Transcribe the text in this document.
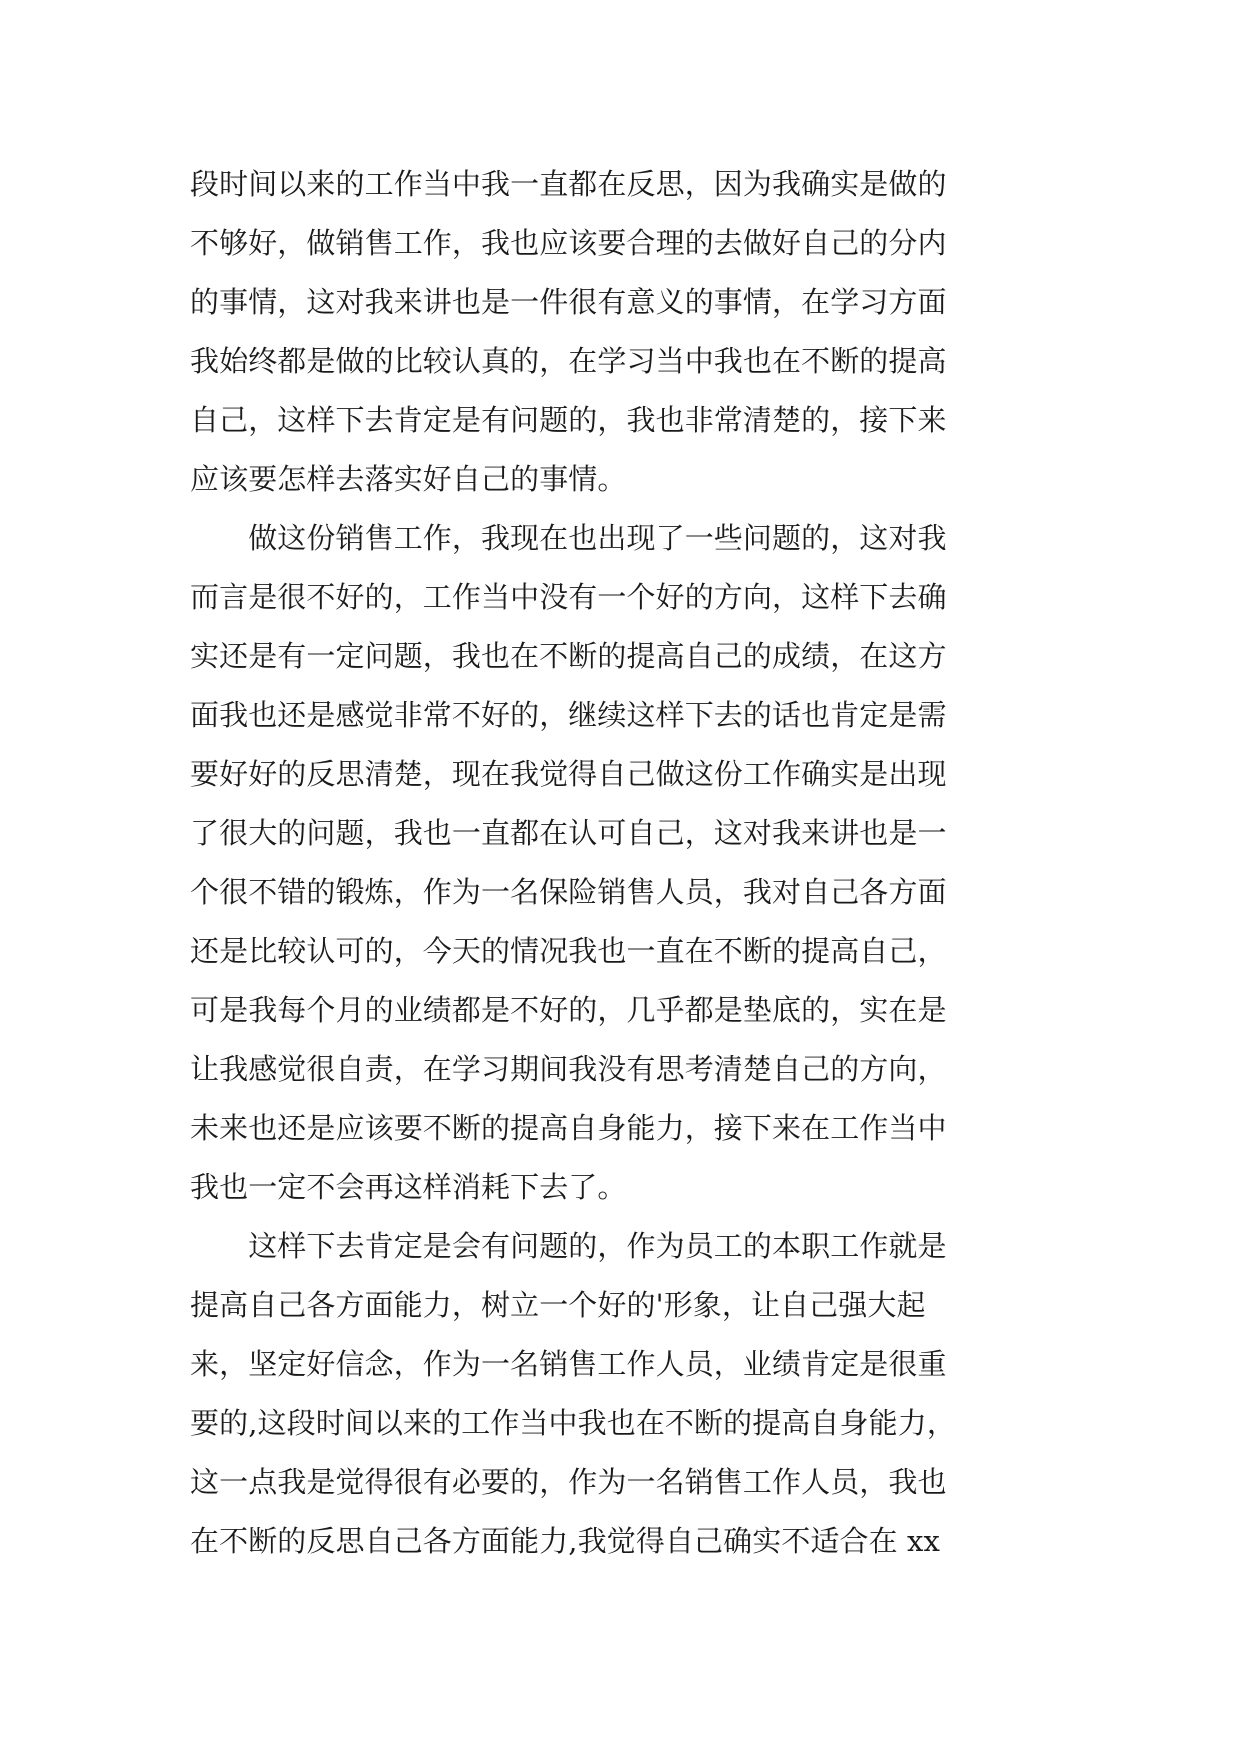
段时间以来的工作当中我一直都在反思，因为我确实是做的
不够好，做销售工作，我也应该要合理的去做好自己的分内
的事情，这对我来讲也是一件很有意义的事情，在学习方面
我始终都是做的比较认真的，在学习当中我也在不断的提高
自己，这样下去肯定是有问题的，我也非常清楚的，接下来
应该要怎样去落实好自己的事情。
　　做这份销售工作，我现在也出现了一些问题的，这对我
而言是很不好的，工作当中没有一个好的方向，这样下去确
实还是有一定问题，我也在不断的提高自己的成绩，在这方
面我也还是感觉非常不好的，继续这样下去的话也肯定是需
要好好的反思清楚，现在我觉得自己做这份工作确实是出现
了很大的问题，我也一直都在认可自己，这对我来讲也是一
个很不错的锻炼，作为一名保险销售人员，我对自己各方面
还是比较认可的，今天的情况我也一直在不断的提高自己，
可是我每个月的业绩都是不好的，几乎都是垫底的，实在是
让我感觉很自责，在学习期间我没有思考清楚自己的方向，
未来也还是应该要不断的提高自身能力，接下来在工作当中
我也一定不会再这样消耗下去了。
　　这样下去肯定是会有问题的，作为员工的本职工作就是
提高自己各方面能力，树立一个好的'形象，让自己强大起
来，坚定好信念，作为一名销售工作人员，业绩肯定是很重
要的,这段时间以来的工作当中我也在不断的提高自身能力，
这一点我是觉得很有必要的，作为一名销售工作人员，我也
在不断的反思自己各方面能力,我觉得自己确实不适合在 xx
